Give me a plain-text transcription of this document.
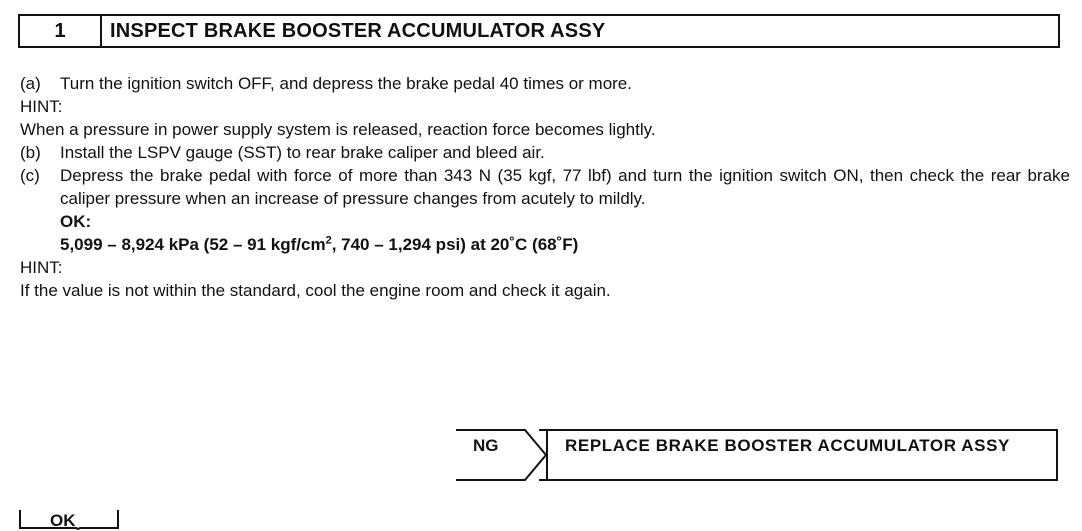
1	INSPECT BRAKE BOOSTER ACCUMULATOR ASSY
(a)	Turn the ignition switch OFF, and depress the brake pedal 40 times or more.
HINT:
When a pressure in power supply system is released, reaction force becomes lightly.
(b)	Install the LSPV gauge (SST) to rear brake caliper and bleed air.
(c)	Depress the brake pedal with force of more than 343 N (35 kgf, 77 lbf) and turn the ignition switch ON, then check the rear brake caliper pressure when an increase of pressure changes from acutely to mildly.
OK:
5,099 – 8,924 kPa (52 – 91 kgf/$cm^2$, 740 – 1,294 psi) at 20˚C (68˚F)
HINT:
If the value is not within the standard, cool the engine room and check it again.
NG	REPLACE BRAKE BOOSTER ACCUMULATOR ASSY
OK
